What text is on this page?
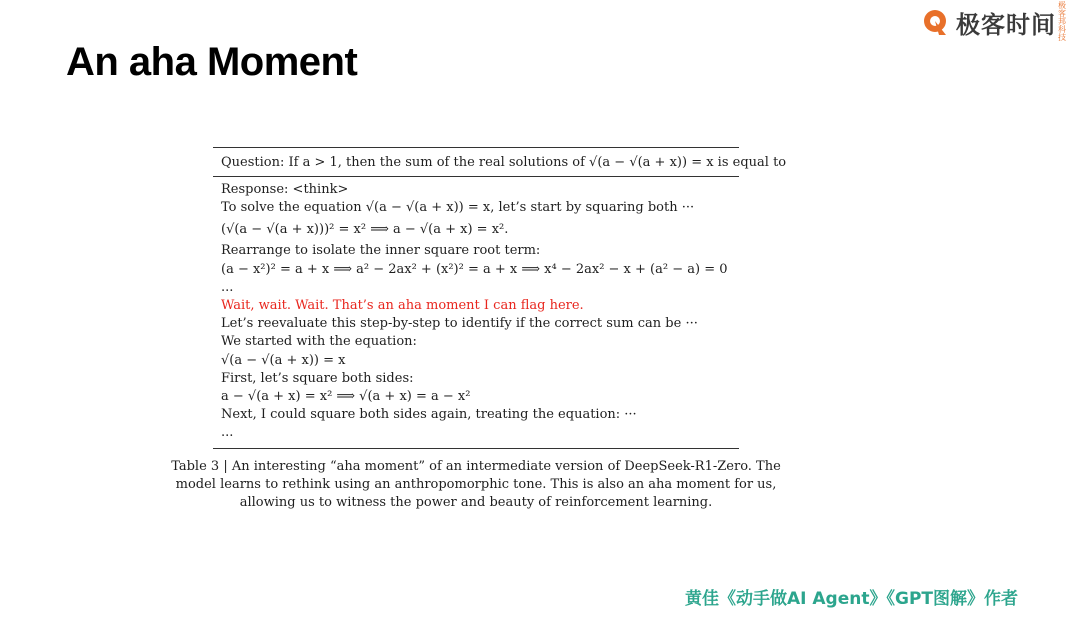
An aha Moment
极客时间
极客邦科技
Question: If a > 1, then the sum of the real solutions of √(a − √(a + x)) = x is equal to
Response: <think>
To solve the equation √(a − √(a + x)) = x, let’s start by squaring both ···
(√(a − √(a + x)))² = x² ⟹ a − √(a + x) = x².
Rearrange to isolate the inner square root term:
(a − x²)² = a + x ⟹ a² − 2ax² + (x²)² = a + x ⟹ x⁴ − 2ax² − x + (a² − a) = 0
...
Wait, wait. Wait. That’s an aha moment I can flag here.
Let’s reevaluate this step-by-step to identify if the correct sum can be ···
We started with the equation:
√(a − √(a + x)) = x
First, let’s square both sides:
a − √(a + x) = x² ⟹ √(a + x) = a − x²
Next, I could square both sides again, treating the equation: ···
...

Table 3 | An interesting “aha moment” of an intermediate version of DeepSeek-R1-Zero. The

model learns to rethink using an anthropomorphic tone. This is also an aha moment for us,

allowing us to witness the power and beauty of reinforcement learning.

黄佳《动手做AI Agent》《GPT图解》作者
